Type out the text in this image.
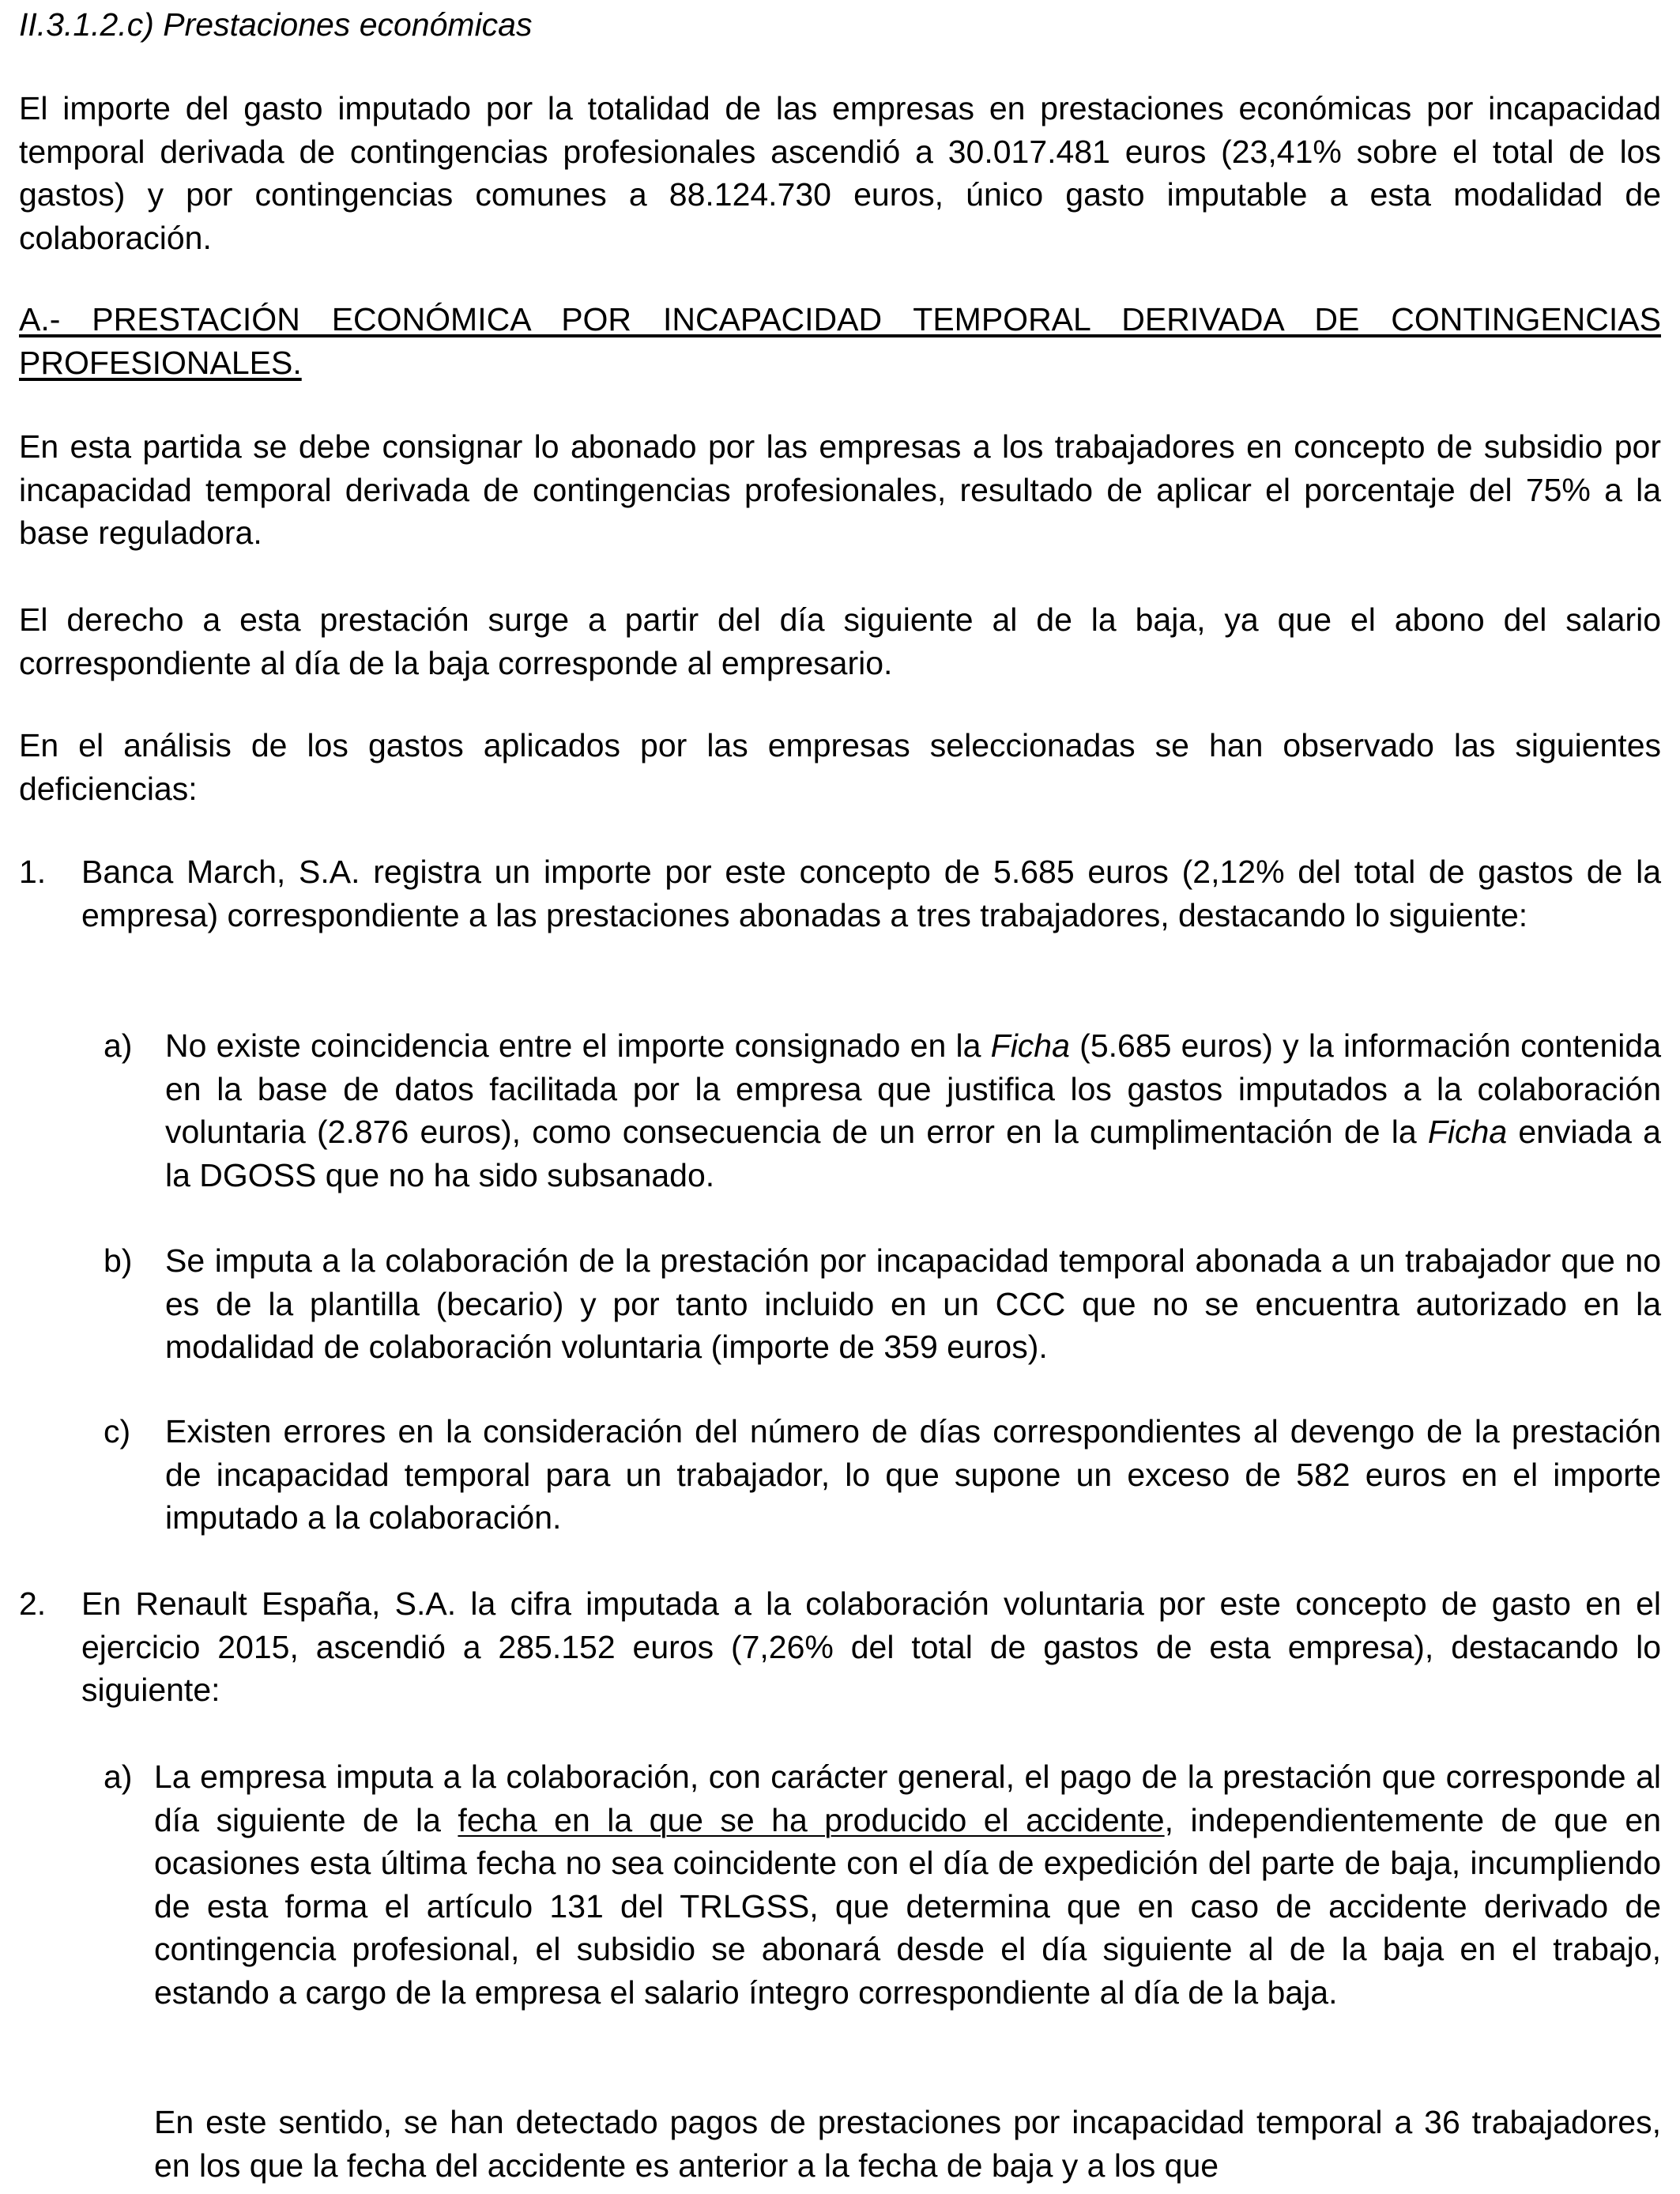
II.3.1.2.c) Prestaciones económicas

El importe del gasto imputado por la totalidad de las empresas en prestaciones económicas por incapacidad temporal derivada de contingencias profesionales ascendió a 30.017.481 euros (23,41% sobre el total de los gastos) y por contingencias comunes a 88.124.730 euros, único gasto imputable a esta modalidad de colaboración.

A.- PRESTACIÓN ECONÓMICA POR INCAPACIDAD TEMPORAL DERIVADA DE CONTINGENCIAS PROFESIONALES.

En esta partida se debe consignar lo abonado por las empresas a los trabajadores en concepto de subsidio por incapacidad temporal derivada de contingencias profesionales, resultado de aplicar el porcentaje del 75% a la base reguladora.

El derecho a esta prestación surge a partir del día siguiente al de la baja, ya que el abono del salario correspondiente al día de la baja corresponde al empresario.

En el análisis de los gastos aplicados por las empresas seleccionadas se han observado las siguientes deficiencias:

1. Banca March, S.A. registra un importe por este concepto de 5.685 euros (2,12% del total de gastos de la empresa) correspondiente a las prestaciones abonadas a tres trabajadores, destacando lo siguiente:

a) No existe coincidencia entre el importe consignado en la Ficha (5.685 euros) y la información contenida en la base de datos facilitada por la empresa que justifica los gastos imputados a la colaboración voluntaria (2.876 euros), como consecuencia de un error en la cumplimentación de la Ficha enviada a la DGOSS que no ha sido subsanado.

b) Se imputa a la colaboración de la prestación por incapacidad temporal abonada a un trabajador que no es de la plantilla (becario) y por tanto incluido en un CCC que no se encuentra autorizado en la modalidad de colaboración voluntaria (importe de 359 euros).

c) Existen errores en la consideración del número de días correspondientes al devengo de la prestación de incapacidad temporal para un trabajador, lo que supone un exceso de 582 euros en el importe imputado a la colaboración.

2. En Renault España, S.A. la cifra imputada a la colaboración voluntaria por este concepto de gasto en el ejercicio 2015, ascendió a 285.152 euros (7,26% del total de gastos de esta empresa), destacando lo siguiente:

a) La empresa imputa a la colaboración, con carácter general, el pago de la prestación que corresponde al día siguiente de la fecha en la que se ha producido el accidente, independientemente de que en ocasiones esta última fecha no sea coincidente con el día de expedición del parte de baja, incumpliendo de esta forma el artículo 131 del TRLGSS, que determina que en caso de accidente derivado de contingencia profesional, el subsidio se abonará desde el día siguiente al de la baja en el trabajo, estando a cargo de la empresa el salario íntegro correspondiente al día de la baja.

En este sentido, se han detectado pagos de prestaciones por incapacidad temporal a 36 trabajadores, en los que la fecha del accidente es anterior a la fecha de baja y a los que
